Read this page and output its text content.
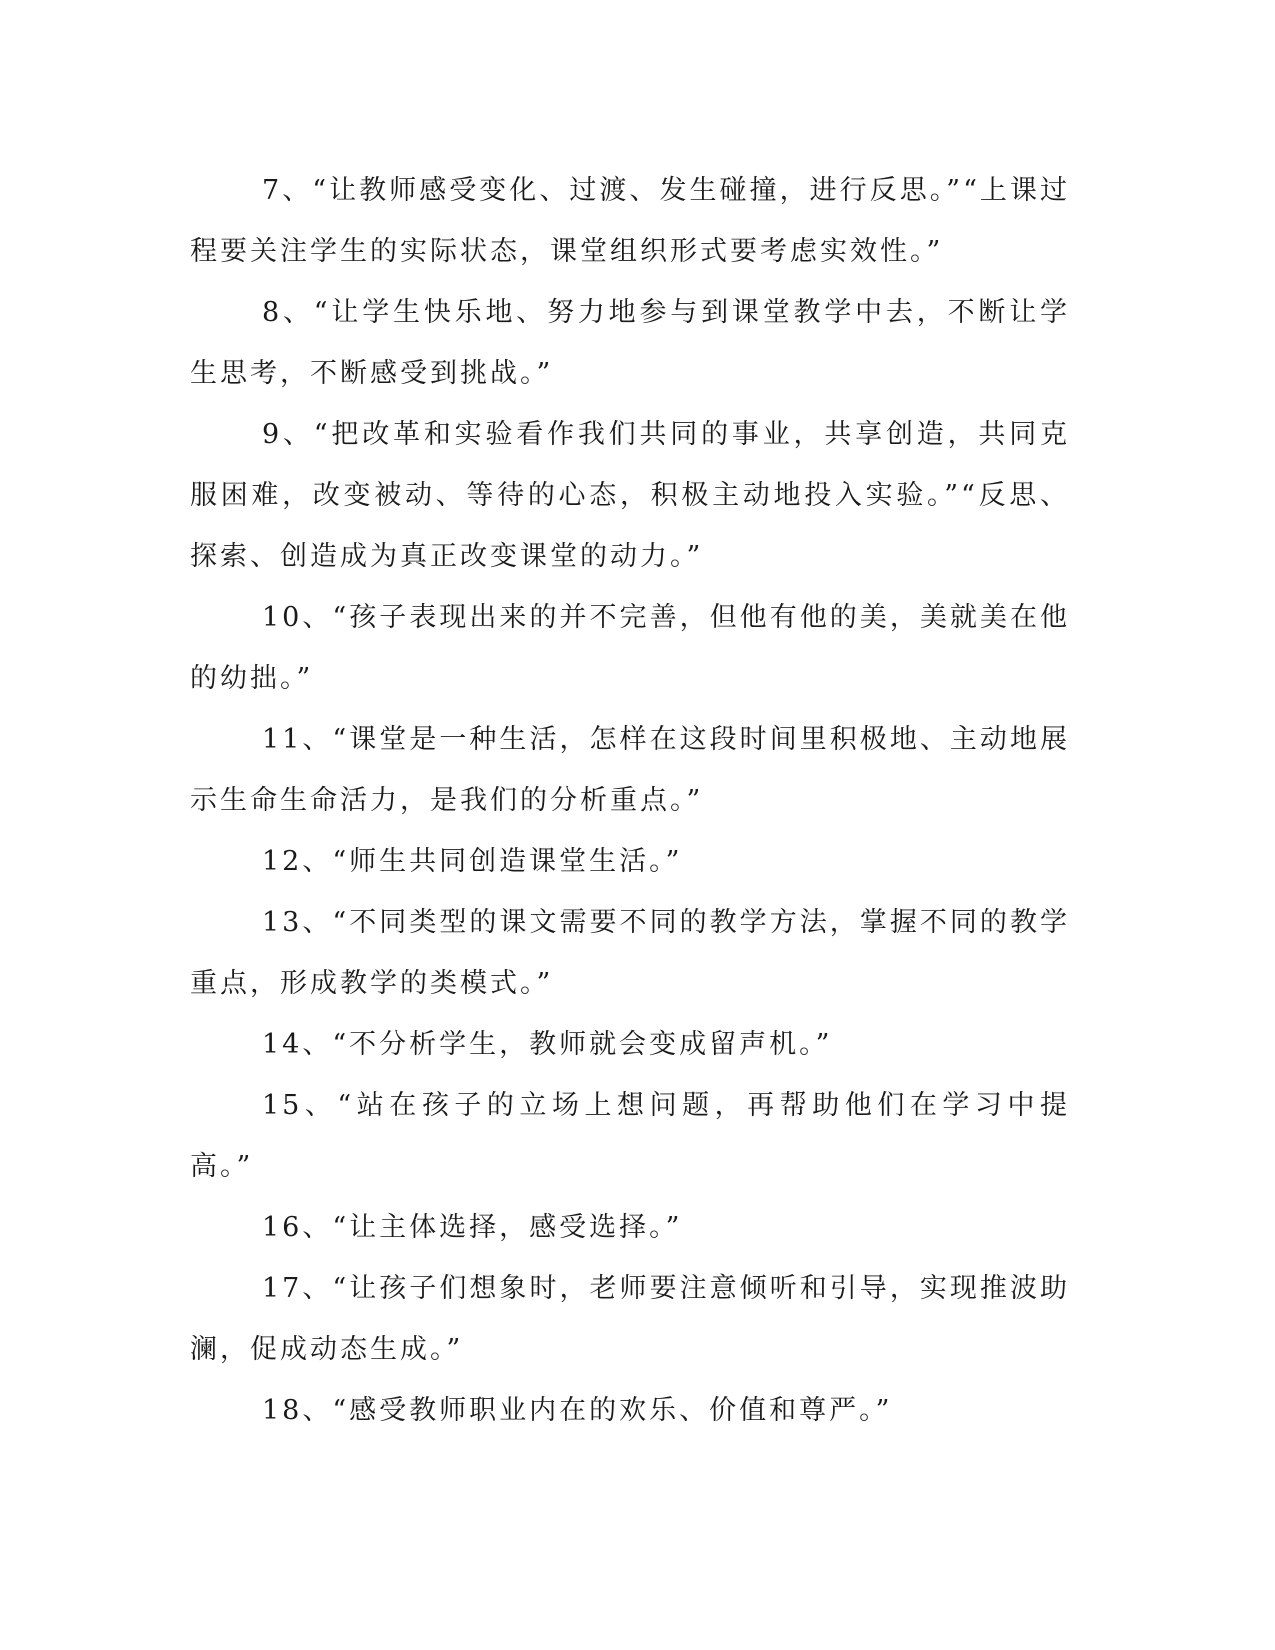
7、“让教师感受变化、过渡、发生碰撞，进行反思。”“上课过程要关注学生的实际状态，课堂组织形式要考虑实效性。”

8、“让学生快乐地、努力地参与到课堂教学中去，不断让学生思考，不断感受到挑战。”

9、“把改革和实验看作我们共同的事业，共享创造，共同克服困难，改变被动、等待的心态，积极主动地投入实验。”“反思、探索、创造成为真正改变课堂的动力。”

10、“孩子表现出来的并不完善，但他有他的美，美就美在他的幼拙。”

11、“课堂是一种生活，怎样在这段时间里积极地、主动地展示生命生命活力，是我们的分析重点。”

12、“师生共同创造课堂生活。”

13、“不同类型的课文需要不同的教学方法，掌握不同的教学重点，形成教学的类模式。”

14、“不分析学生，教师就会变成留声机。”

15、“站在孩子的立场上想问题，再帮助他们在学习中提高。”

16、“让主体选择，感受选择。”

17、“让孩子们想象时，老师要注意倾听和引导，实现推波助澜，促成动态生成。”

18、“感受教师职业内在的欢乐、价值和尊严。”
